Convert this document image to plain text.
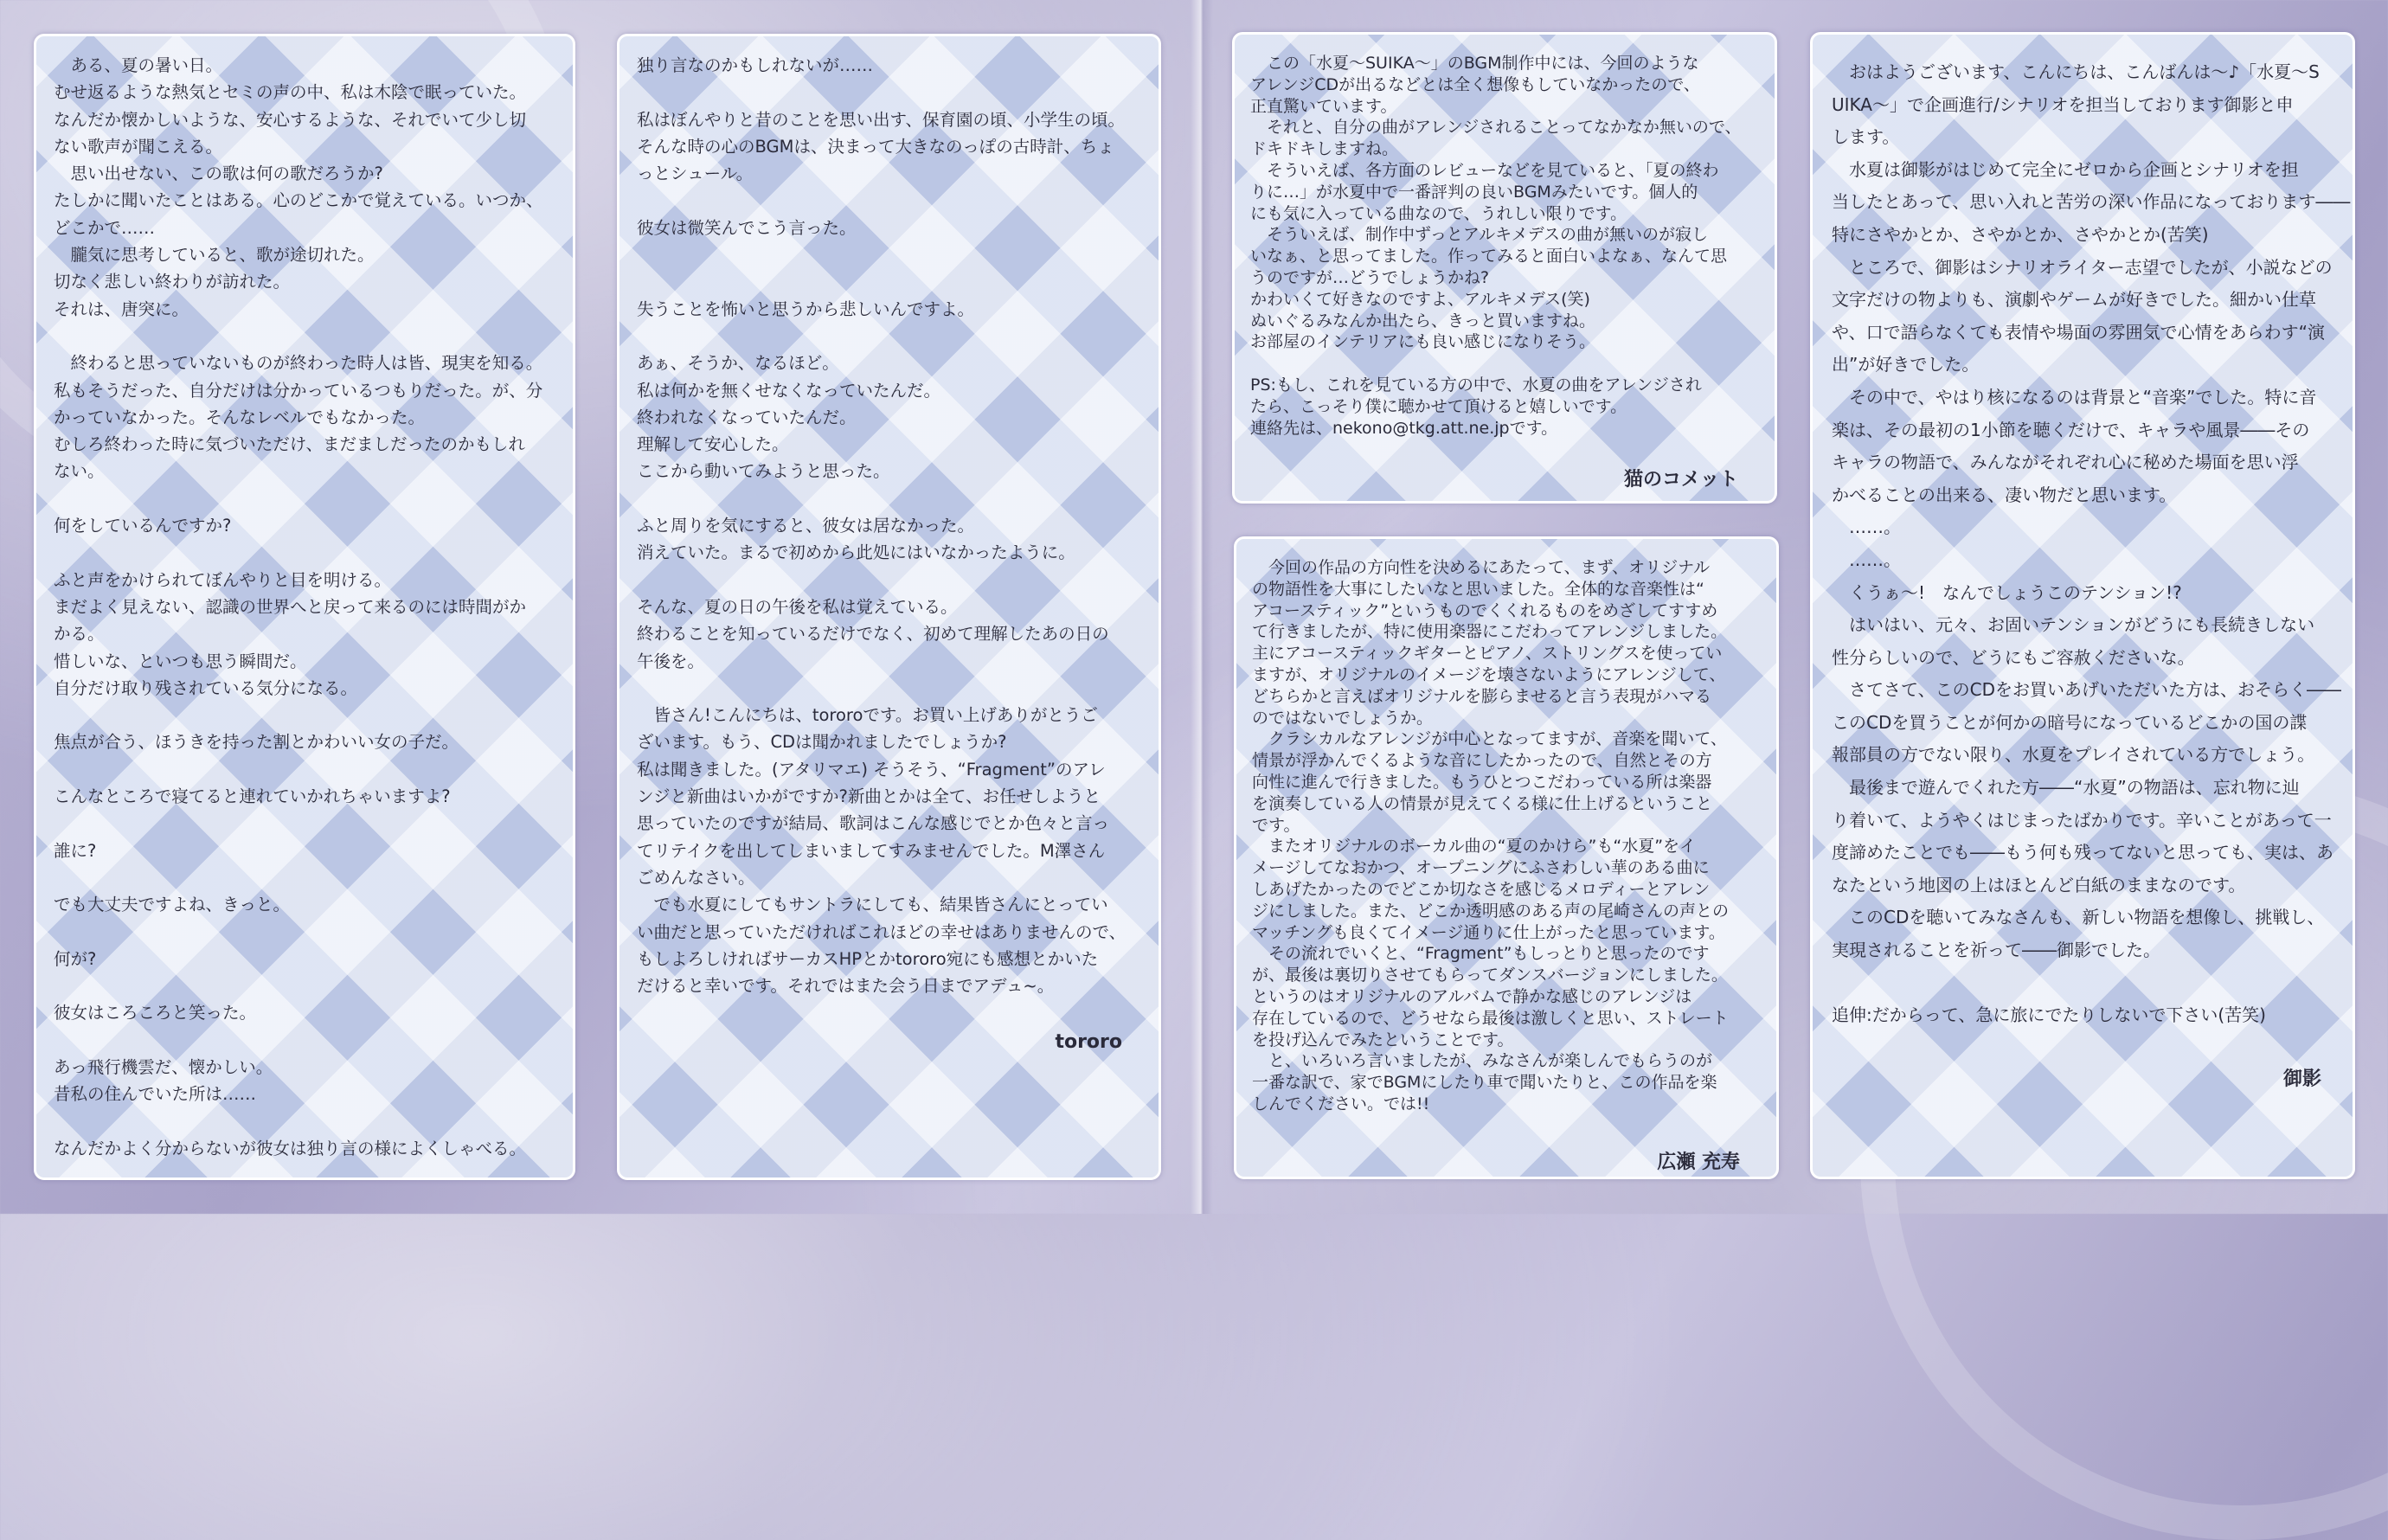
　ある、夏の暑い日。
むせ返るような熱気とセミの声の中、私は木陰で眠っていた。
なんだか懐かしいような、安心するような、それでいて少し切
ない歌声が聞こえる。
　思い出せない、この歌は何の歌だろうか?
たしかに聞いたことはある。心のどこかで覚えている。いつか、
どこかで……
　朧気に思考していると、歌が途切れた。
切なく悲しい終わりが訪れた。
それは、唐突に。
　終わると思っていないものが終わった時人は皆、現実を知る。
私もそうだった、自分だけは分かっているつもりだった。が、分
かっていなかった。そんなレベルでもなかった。
むしろ終わった時に気づいただけ、まだましだったのかもしれ
ない。
何をしているんですか?
ふと声をかけられてぼんやりと目を明ける。
まだよく見えない、認識の世界へと戻って来るのには時間がか
かる。
惜しいな、といつも思う瞬間だ。
自分だけ取り残されている気分になる。
焦点が合う、ほうきを持った割とかわいい女の子だ。
こんなところで寝てると連れていかれちゃいますよ?
誰に?
でも大丈夫ですよね、きっと。
何が?
彼女はころころと笑った。
あっ飛行機雲だ、懐かしい。
昔私の住んでいた所は……
なんだかよく分からないが彼女は独り言の様によくしゃべる。
独り言なのかもしれないが……
私はぼんやりと昔のことを思い出す、保育園の頃、小学生の頃。
そんな時の心のBGMは、決まって大きなのっぽの古時計、ちょ
っとシュール。
彼女は微笑んでこう言った。
失うことを怖いと思うから悲しいんですよ。
あぁ、そうか、なるほど。
私は何かを無くせなくなっていたんだ。
終われなくなっていたんだ。
理解して安心した。
ここから動いてみようと思った。
ふと周りを気にすると、彼女は居なかった。
消えていた。まるで初めから此処にはいなかったように。
そんな、夏の日の午後を私は覚えている。
終わることを知っているだけでなく、初めて理解したあの日の
午後を。
　皆さん!こんにちは、tororoです。お買い上げありがとうご
ざいます。もう、CDは聞かれましたでしょうか?
私は聞きました。(アタリマエ) そうそう、“Fragment”のアレ
ンジと新曲はいかがですか?新曲とかは全て、お任せしようと
思っていたのですが結局、歌詞はこんな感じでとか色々と言っ
てリテイクを出してしまいましてすみませんでした。M澤さん
ごめんなさい。
　でも水夏にしてもサントラにしても、結果皆さんにとってい
い曲だと思っていただければこれほどの幸せはありませんので、
もしよろしければサーカスHPとかtororo宛にも感想とかいた
だけると幸いです。それではまた会う日までアデュ~。
tororo
　この「水夏～SUIKA～」のBGM制作中には、今回のような
アレンジCDが出るなどとは全く想像もしていなかったので、
正直驚いています。
　それと、自分の曲がアレンジされることってなかなか無いので、
ドキドキしますね。
　そういえば、各方面のレビューなどを見ていると、「夏の終わ
りに…」が水夏中で一番評判の良いBGMみたいです。個人的
にも気に入っている曲なので、うれしい限りです。
　そういえば、制作中ずっとアルキメデスの曲が無いのが寂し
いなぁ、と思ってました。作ってみると面白いよなぁ、なんて思
うのですが…どうでしょうかね?
かわいくて好きなのですよ、アルキメデス(笑)
ぬいぐるみなんか出たら、きっと買いますね。
お部屋のインテリアにも良い感じになりそう。
PS:もし、これを見ている方の中で、水夏の曲をアレンジされ
たら、こっそり僕に聴かせて頂けると嬉しいです。
連絡先は、nekono@tkg.att.ne.jpです。
猫のコメット
　今回の作品の方向性を決めるにあたって、まず、オリジナル
の物語性を大事にしたいなと思いました。全体的な音楽性は“
アコースティック”というものでくくれるものをめざしてすすめ
て行きましたが、特に使用楽器にこだわってアレンジしました。
主にアコースティックギターとピアノ、ストリングスを使ってい
ますが、オリジナルのイメージを壊さないようにアレンジして、
どちらかと言えばオリジナルを膨らませると言う表現がハマる
のではないでしょうか。
　クラシカルなアレンジが中心となってますが、音楽を聞いて、
情景が浮かんでくるような音にしたかったので、自然とその方
向性に進んで行きました。もうひとつこだわっている所は楽器
を演奏している人の情景が見えてくる様に仕上げるということ
です。
　またオリジナルのボーカル曲の“夏のかけら”も“水夏”をイ
メージしてなおかつ、オープニングにふさわしい華のある曲に
しあげたかったのでどこか切なさを感じるメロディーとアレン
ジにしました。また、どこか透明感のある声の尾崎さんの声との
マッチングも良くてイメージ通りに仕上がったと思っています。
　その流れでいくと、“Fragment”もしっとりと思ったのです
が、最後は裏切りさせてもらってダンスバージョンにしました。
というのはオリジナルのアルバムで静かな感じのアレンジは
存在しているので、どうせなら最後は激しくと思い、ストレート
を投げ込んでみたということです。
　と、いろいろ言いましたが、みなさんが楽しんでもらうのが
一番な訳で、家でBGMにしたり車で聞いたりと、この作品を楽
しんでください。では!!
広瀬 充寿
　おはようございます、こんにちは、こんばんは～♪「水夏～S
UIKA～」で企画進行/シナリオを担当しております御影と申
します。
　水夏は御影がはじめて完全にゼロから企画とシナリオを担
当したとあって、思い入れと苦労の深い作品になっております――
特にさやかとか、さやかとか、さやかとか(苦笑)
　ところで、御影はシナリオライター志望でしたが、小説などの
文字だけの物よりも、演劇やゲームが好きでした。細かい仕草
や、口で語らなくても表情や場面の雰囲気で心情をあらわす“演
出”が好きでした。
　その中で、やはり核になるのは背景と“音楽”でした。特に音
楽は、その最初の1小節を聴くだけで、キャラや風景――その
キャラの物語で、みんながそれぞれ心に秘めた場面を思い浮
かべることの出来る、凄い物だと思います。
　……。
　……。
　くうぁ～!　なんでしょうこのテンション!?
　はいはい、元々、お固いテンションがどうにも長続きしない
性分らしいので、どうにもご容赦くださいな。
　さてさて、このCDをお買いあげいただいた方は、おそらく――
このCDを買うことが何かの暗号になっているどこかの国の諜
報部員の方でない限り、水夏をプレイされている方でしょう。
　最後まで遊んでくれた方――“水夏”の物語は、忘れ物に辿
り着いて、ようやくはじまったばかりです。辛いことがあって一
度諦めたことでも――もう何も残ってないと思っても、実は、あ
なたという地図の上はほとんど白紙のままなのです。
　このCDを聴いてみなさんも、新しい物語を想像し、挑戦し、
実現されることを祈って――御影でした。
追伸:だからって、急に旅にでたりしないで下さい(苦笑)
御影
